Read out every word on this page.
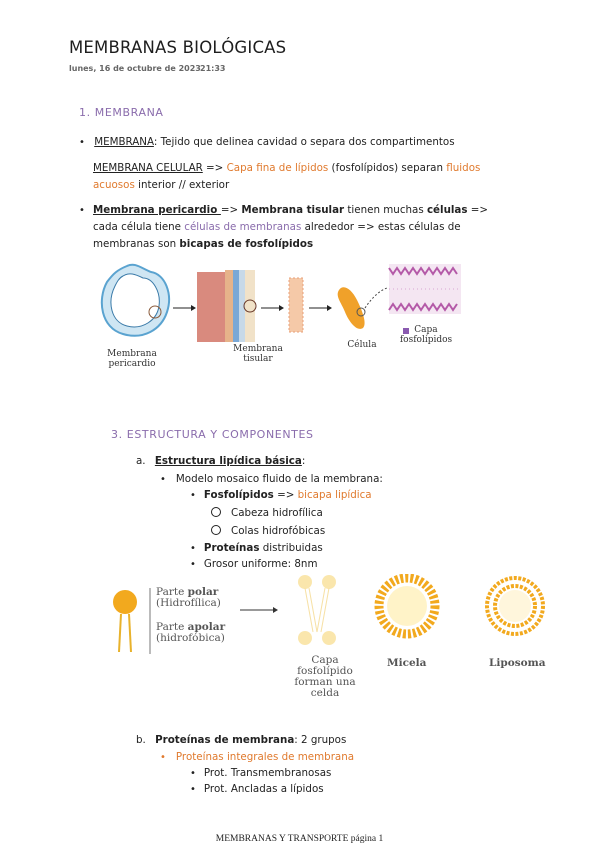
MEMBRANAS BIOLÓGICAS
lunes, 16 de octubre de 2023 21:33
1. MEMBRANA
• MEMBRANA: Tejido que delinea cavidad o separa dos compartimentos
MEMBRANA CELULAR => Capa fina de lípidos (fosfolípidos) separan fluidos acuosos interior // exterior
• Membrana pericardio => Membrana tisular tienen muchas células => cada célula tiene células de membranas alrededor => estas células de membranas son bicapas de fosfolípidos
Membrana pericardio
Membrana tisular
Célula
Capa fosfolípidos
3. ESTRUCTURA Y COMPONENTES
a. Estructura lipídica básica:
• Modelo mosaico fluido de la membrana:
• Fosfolípidos => bicapa lipídica
Cabeza hidrofílica
Colas hidrofóbicas
• Proteínas distribuidas
• Grosor uniforme: 8nm
Parte polar
(Hidrofílica)
Parte apolar
(hidrofóbica)
Capa fosfolípido forman una celda
Micela	Liposoma
b. Proteínas de membrana: 2 grupos
• Proteínas integrales de membrana
• Prot. Transmembranosas
• Prot. Ancladas a lípidos
MEMBRANAS Y TRANSPORTE página 1
